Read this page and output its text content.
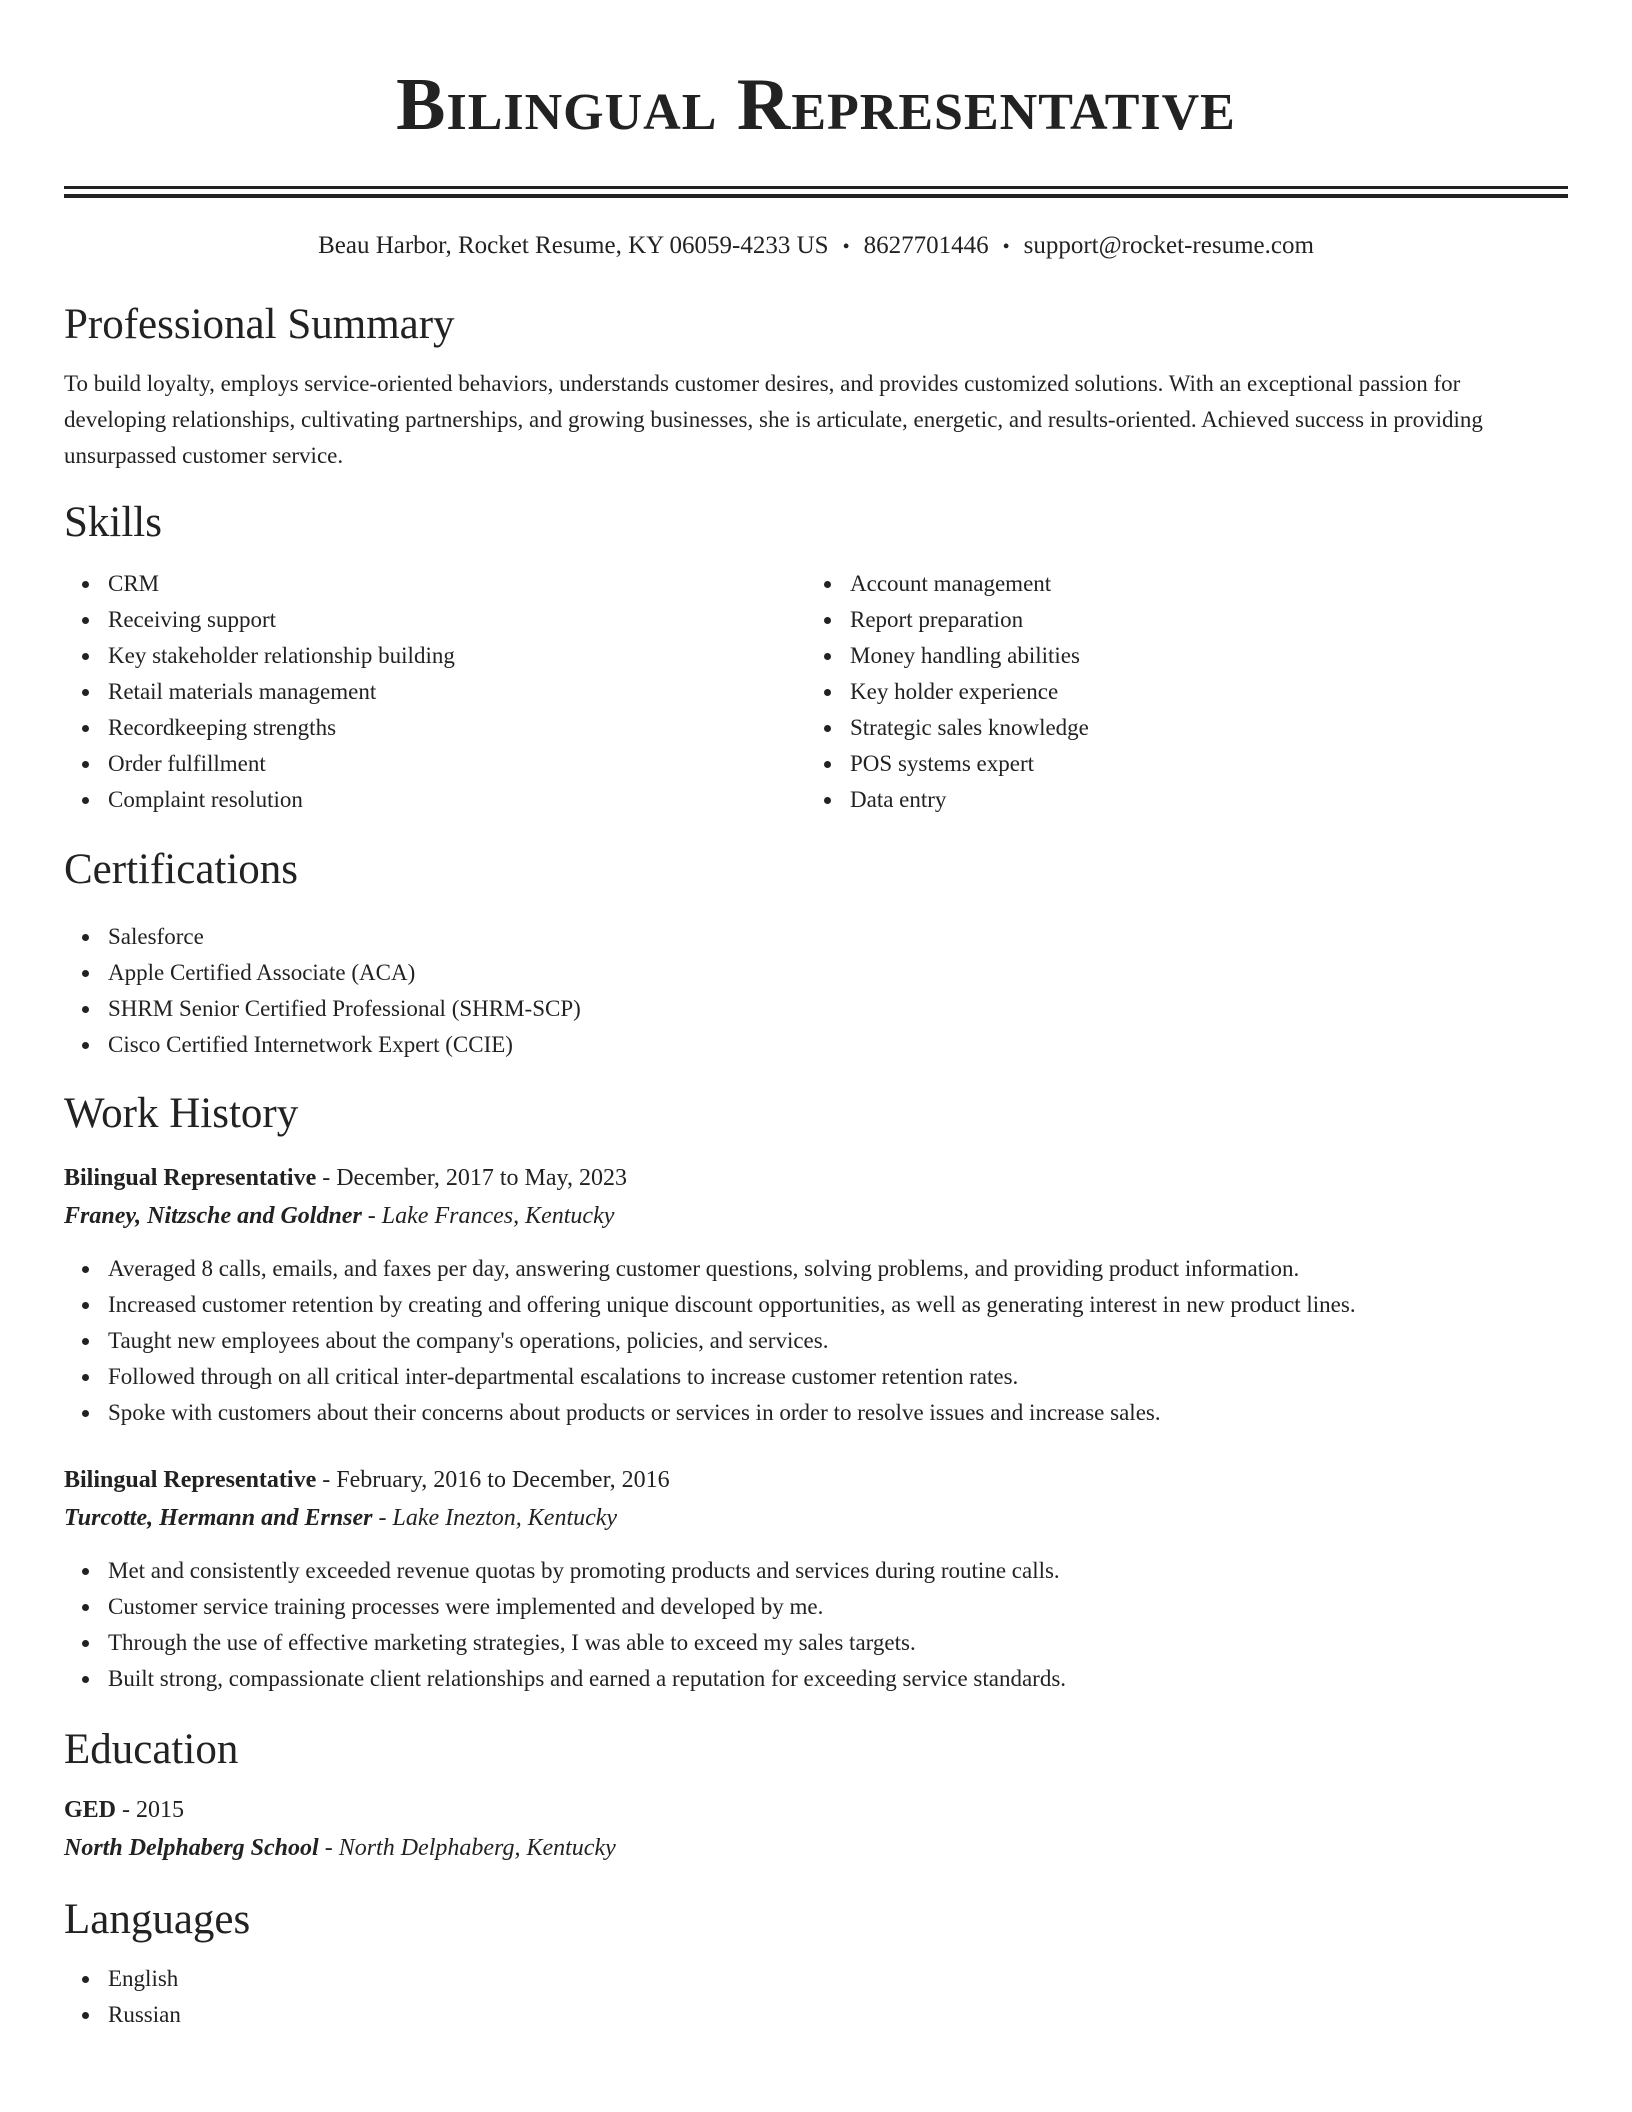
Bilingual Representative
Beau Harbor, Rocket Resume, KY 06059-4233 US • 8627701446 • support@rocket-resume.com
Professional Summary
To build loyalty, employs service-oriented behaviors, understands customer desires, and provides customized solutions. With an exceptional passion for developing relationships, cultivating partnerships, and growing businesses, she is articulate, energetic, and results-oriented. Achieved success in providing unsurpassed customer service.
Skills
CRM
Receiving support
Key stakeholder relationship building
Retail materials management
Recordkeeping strengths
Order fulfillment
Complaint resolution
Account management
Report preparation
Money handling abilities
Key holder experience
Strategic sales knowledge
POS systems expert
Data entry
Certifications
Salesforce
Apple Certified Associate (ACA)
SHRM Senior Certified Professional (SHRM-SCP)
Cisco Certified Internetwork Expert (CCIE)
Work History
Bilingual Representative - December, 2017 to May, 2023
Franey, Nitzsche and Goldner - Lake Frances, Kentucky
Averaged 8 calls, emails, and faxes per day, answering customer questions, solving problems, and providing product information.
Increased customer retention by creating and offering unique discount opportunities, as well as generating interest in new product lines.
Taught new employees about the company's operations, policies, and services.
Followed through on all critical inter-departmental escalations to increase customer retention rates.
Spoke with customers about their concerns about products or services in order to resolve issues and increase sales.
Bilingual Representative - February, 2016 to December, 2016
Turcotte, Hermann and Ernser - Lake Inezton, Kentucky
Met and consistently exceeded revenue quotas by promoting products and services during routine calls.
Customer service training processes were implemented and developed by me.
Through the use of effective marketing strategies, I was able to exceed my sales targets.
Built strong, compassionate client relationships and earned a reputation for exceeding service standards.
Education
GED - 2015
North Delphaberg School - North Delphaberg, Kentucky
Languages
English
Russian
